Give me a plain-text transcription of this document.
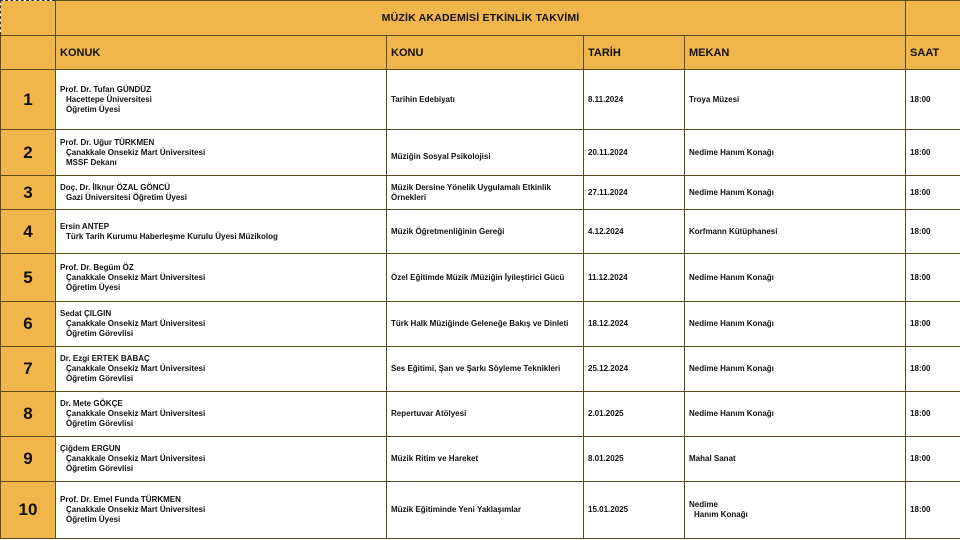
	MÜZİK AKADEMİSİ ETKİNLİK TAKVİMİ				
	KONUK	KONU	TARİH	MEKAN	SAAT
1	Prof. Dr. Tufan GÜNDÜZ
Hacettepe Üniversitesi
Öğretim Üyesi	Tarihin Edebiyatı	8.11.2024	Troya Müzesi	18:00
2	Prof. Dr. Uğur TÜRKMEN
Çanakkale Onsekiz Mart Üniversitesi
MSSF Dekanı	Müziğin Sosyal Psikolojisi	20.11.2024	Nedime Hanım Konağı	18:00
3	Doç. Dr. İlknur ÖZAL GÖNCÜ
Gazi Üniversitesi Öğretim Üyesi	Müzik Dersine Yönelik Uygulamalı Etkinlik Örnekleri	27.11.2024	Nedime Hanım Konağı	18:00
4	Ersin ANTEP
Türk Tarih Kurumu Haberleşme Kurulu Üyesi Müzikolog	Müzik Öğretmenliğinin Gereği	4.12.2024	Korfmann Kütüphanesi	18:00
5	Prof. Dr. Begüm ÖZ
Çanakkale Onsekiz Mart Üniversitesi
Öğretim Üyesi	Özel Eğitimde Müzik /Müziğin İyileştirici Gücü	11.12.2024	Nedime Hanım Konağı	18:00
6	Sedat ÇILGIN
Çanakkale Onsekiz Mart Üniversitesi
Öğretim Görevlisi	Türk Halk Müziğinde Geleneğe Bakış ve Dinleti	18.12.2024	Nedime Hanım Konağı	18:00
7	Dr. Ezgi ERTEK BABAÇ
Çanakkale Onsekiz Mart Üniversitesi
Öğretim Görevlisi	Ses Eğitimi, Şan ve Şarkı Söyleme Teknikleri	25.12.2024	Nedime Hanım Konağı	18:00
8	Dr. Mete GÖKÇE
Çanakkale Onsekiz Mart Üniversitesi
Öğretim Görevlisi	Repertuvar Atölyesi	2.01.2025	Nedime Hanım Konağı	18:00
9	Çiğdem ERGUN
Çanakkale Onsekiz Mart Üniversitesi
Öğretim Görevlisi	Müzik Ritim ve Hareket	8.01.2025	Mahal Sanat	18:00
10	Prof. Dr. Emel Funda TÜRKMEN
Çanakkale Onsekiz Mart Üniversitesi
Öğretim Üyesi	Müzik Eğitiminde Yeni Yaklaşımlar	15.01.2025	Nedime
Hanım Konağı	18:00
